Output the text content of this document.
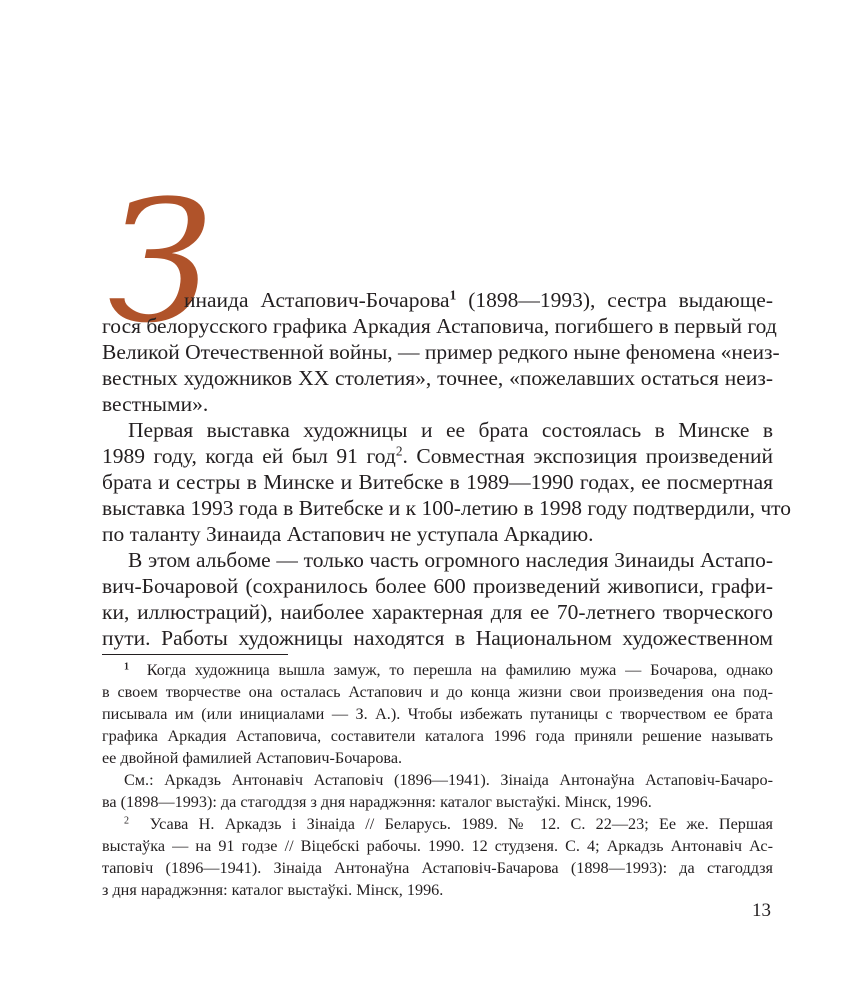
З
инаида Астапович-Бочарова$^1$ (1898—1993), сестра выдающе-
гося белорусского графика Аркадия Астаповича, погибшего в первый год
Великой Отечественной войны, — пример редкого ныне феномена «неиз-
вестных художников ХХ столетия», точнее, «пожелавших остаться неиз-
вестными».
Первая выставка художницы и ее брата состоялась в Минске в
1989 году, когда ей был 91 год$^2$. Совместная экспозиция произведений
брата и сестры в Минске и Витебске в 1989—1990 годах, ее посмертная
выставка 1993 года в Витебске и к 100-летию в 1998 году подтвердили, что
по таланту Зинаида Астапович не уступала Аркадию.
В этом альбоме — только часть огромного наследия Зинаиды Астапо-
вич-Бочаровой (сохранилось более 600 произведений живописи, графи-
ки, иллюстраций), наиболее характерная для ее 70-летнего творческого
пути. Работы художницы находятся в Национальном художественном
$^1$ Когда художница вышла замуж, то перешла на фамилию мужа — Бочарова, однако
в своем творчестве она осталась Астапович и до конца жизни свои произведения она под-
писывала им (или инициалами — З. А.). Чтобы избежать путаницы с творчеством ее брата
графика Аркадия Астаповича, составители каталога 1996 года приняли решение называть
ее двойной фамилией Астапович-Бочарова.
См.: Аркадзь Антонавіч Астаповіч (1896—1941). Зінаіда Антонаўна Астаповіч-Бачаро-
ва (1898—1993): да стагоддзя з дня нараджэння: каталог выстаўкі. Мінск, 1996.
$^2$ Усава Н. Аркадзь і Зінаіда // Беларусь. 1989. № 12. С. 22—23; Ее же. Першая
выстаўка — на 91 годзе // Віцебскі рабочы. 1990. 12 студзеня. С. 4; Аркадзь Антонавіч Ас-
таповіч (1896—1941). Зінаіда Антонаўна Астаповіч-Бачарова (1898—1993): да стагоддзя
з дня нараджэння: каталог выстаўкі. Мінск, 1996.
13
